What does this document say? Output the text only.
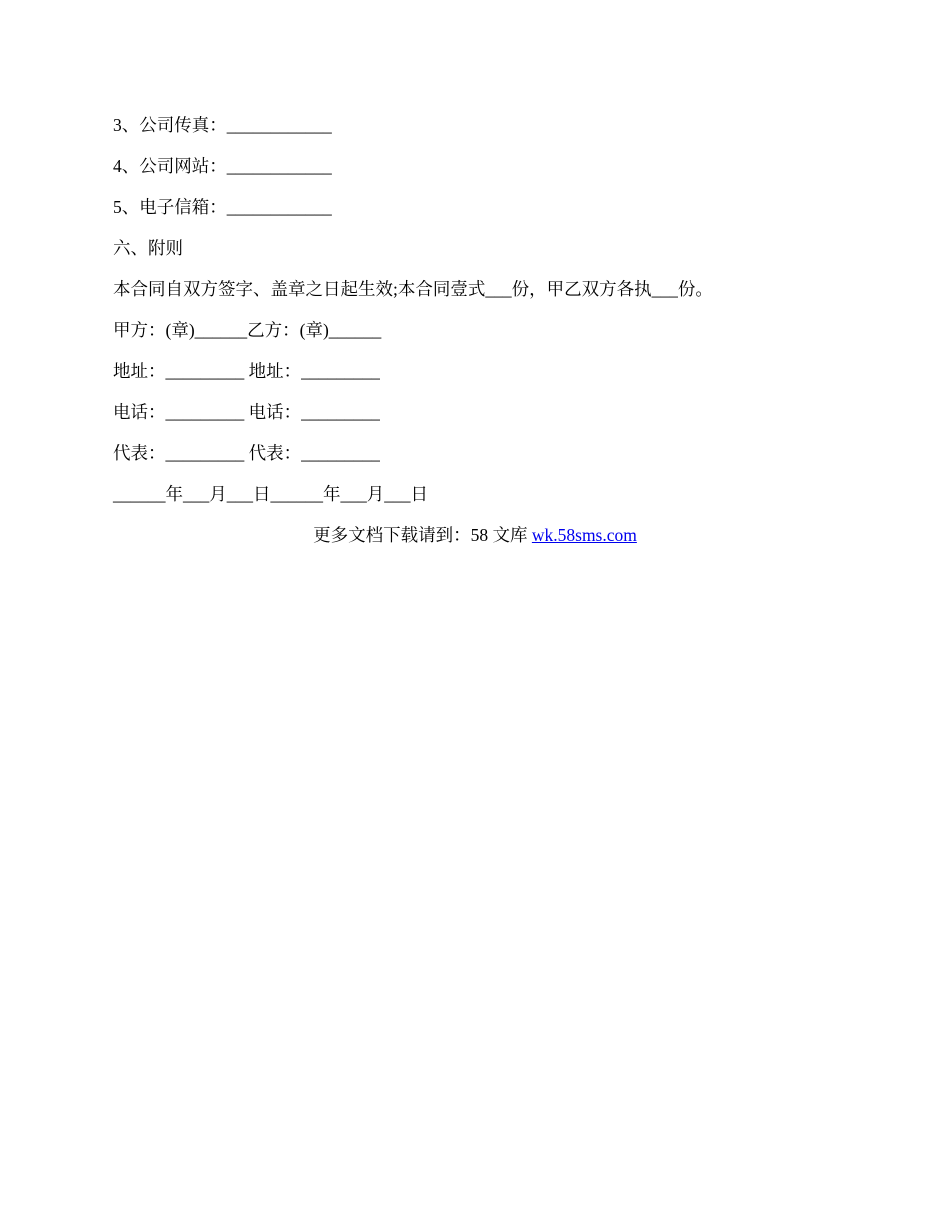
3、公司传真：____________
4、公司网站：____________
5、电子信箱：____________
六、附则
本合同自双方签字、盖章之日起生效;本合同壹式___份，甲乙双方各执___份。
甲方：(章)______乙方：(章)______
地址：_________ 地址：_________
电话：_________ 电话：_________
代表：_________ 代表：_________
______年___月___日______年___月___日
更多文档下载请到：58 文库 wk.58sms.com
